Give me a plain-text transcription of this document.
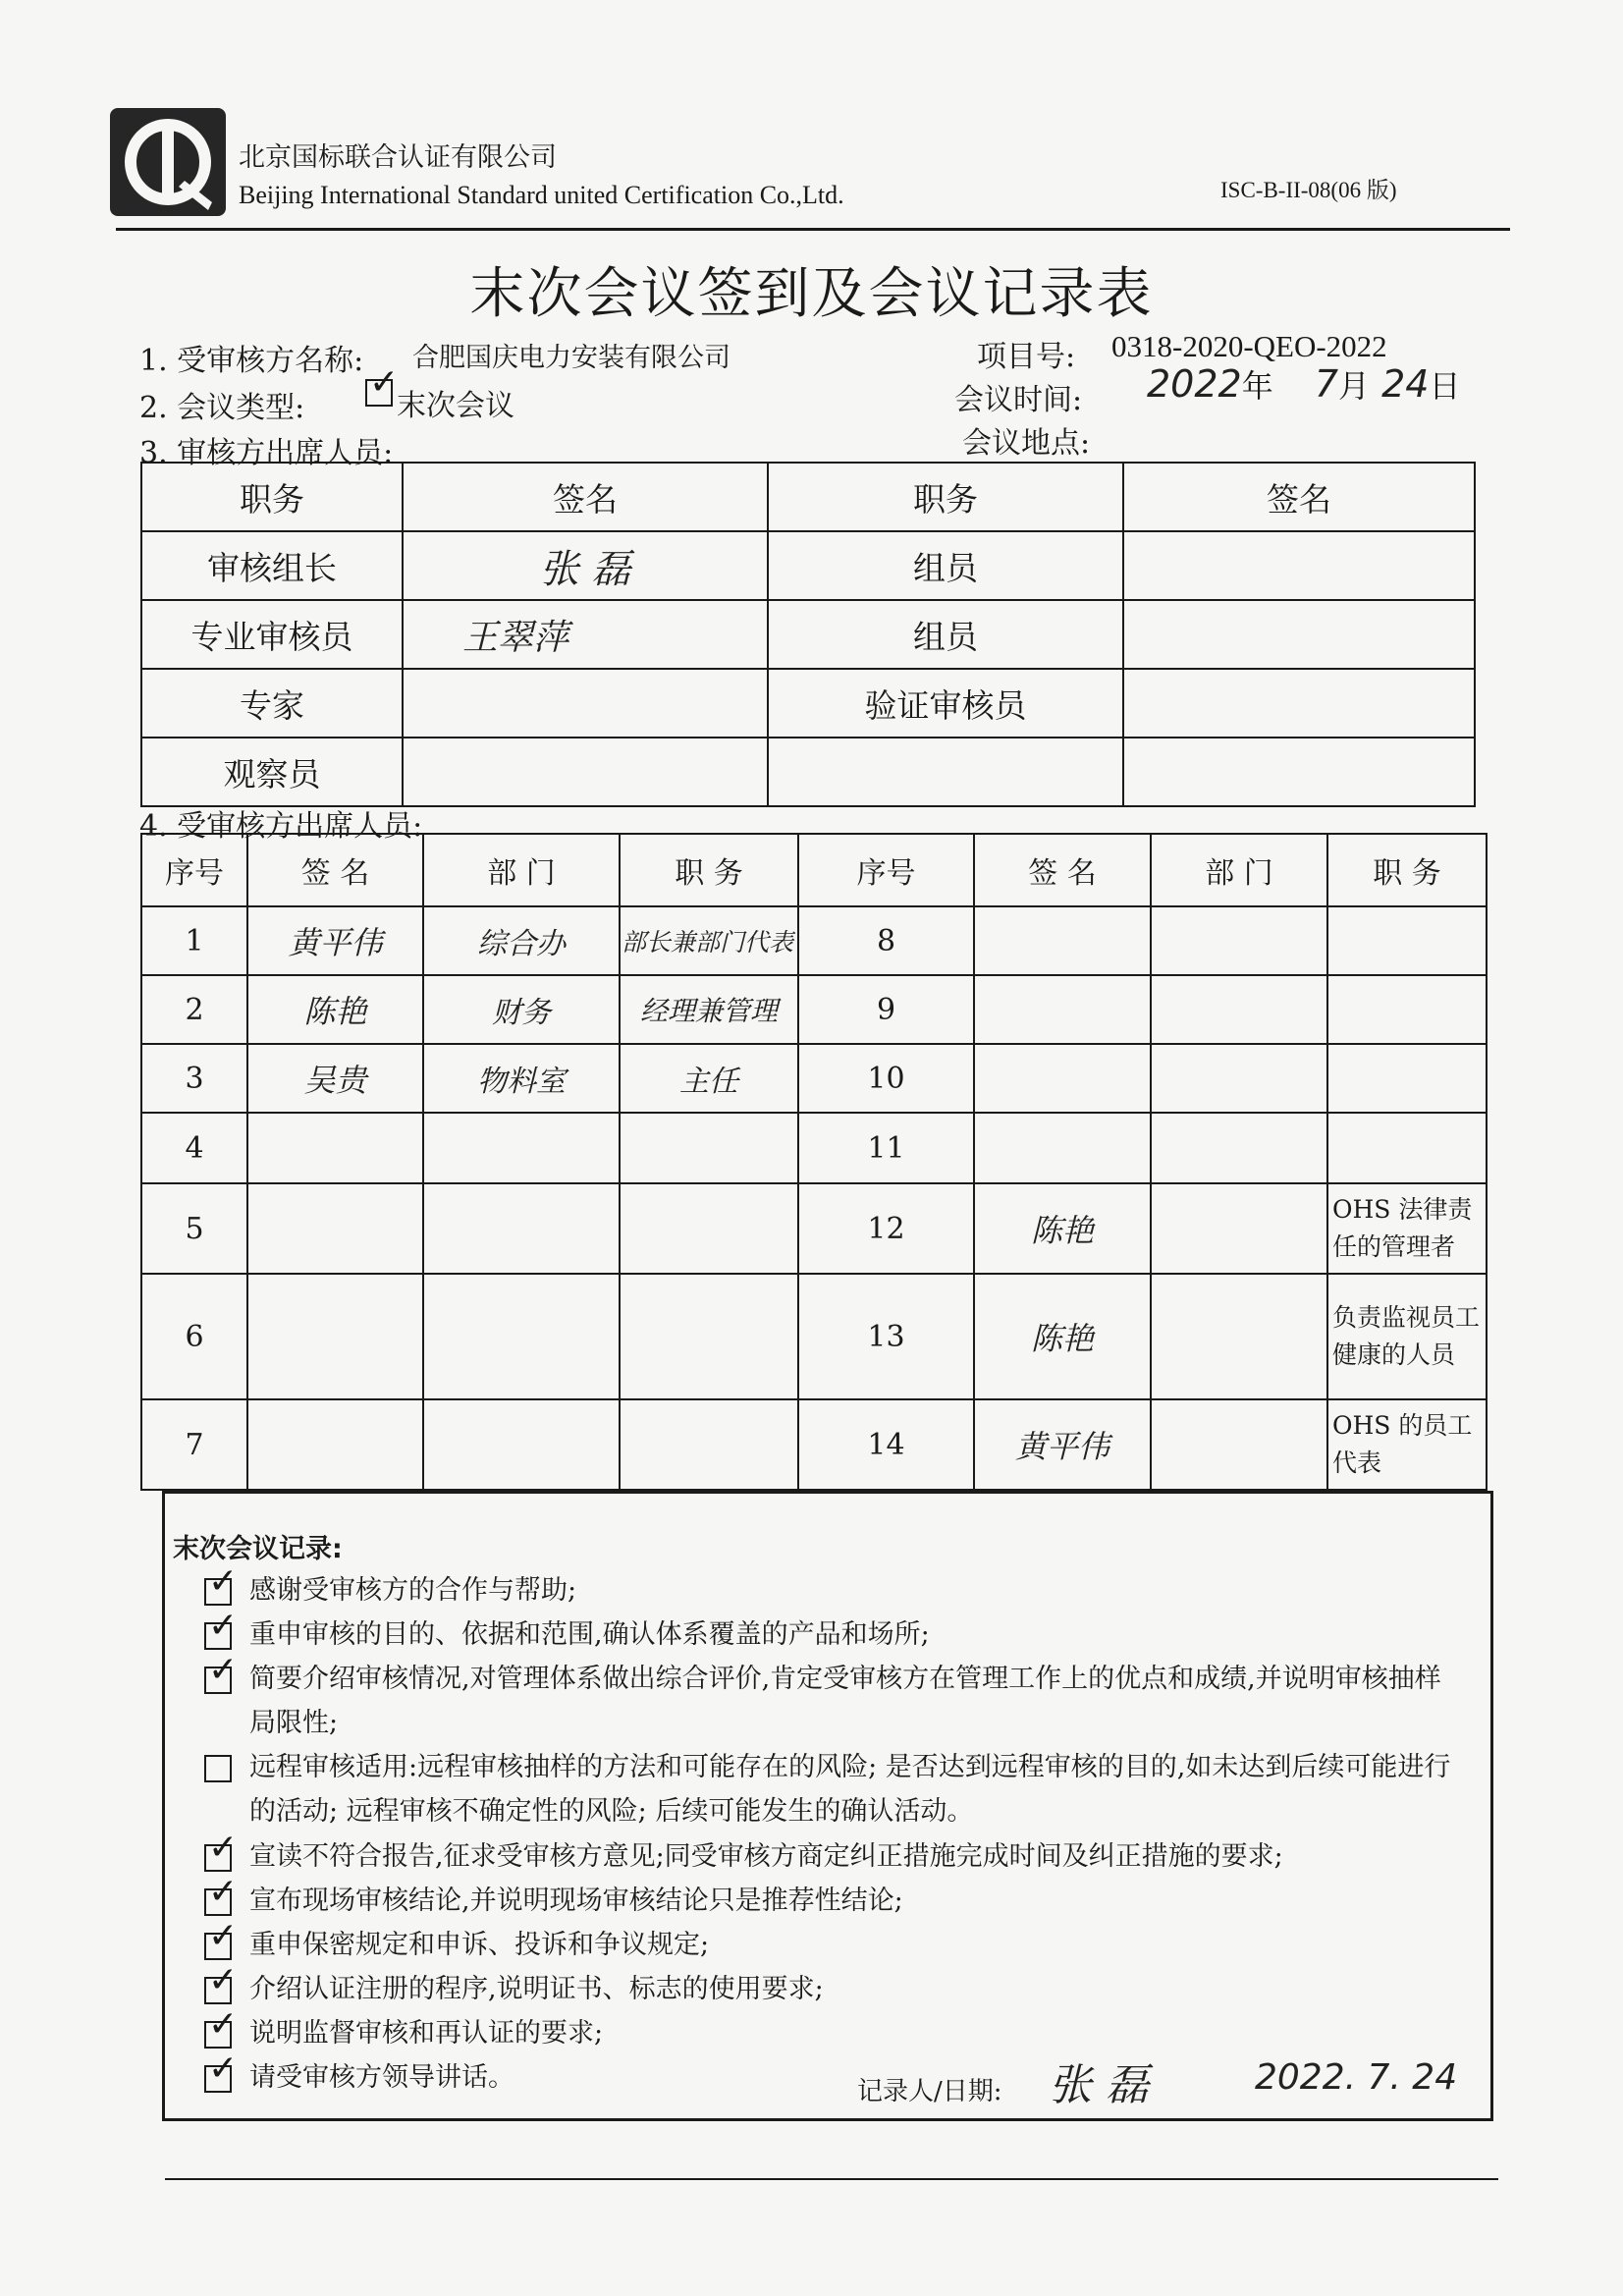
北京国标联合认证有限公司
Beijing International Standard united Certification Co.,Ltd.	ISC-B-II-08(06 版)
末次会议签到及会议记录表
1. 受审核方名称: 合肥国庆电力安装有限公司	项目号: 0318-2020-QEO-2022
2. 会议类型: ✓	末次会议	会议时间: 2022年 7月 24日
3. 审核方出席人员:	会议地点:
职务	签名	职务	签名
审核组长	张 磊	组员	
专业审核员	王翠萍	组员	
专家		验证审核员	
观察员			
4. 受审核方出席人员:
序号	签 名	部 门	职 务	序号	签 名	部 门	职 务
1	黄平伟	综合办	部长兼部门代表	8			
2	陈艳	财务	经理兼管理	9			
3	吴贵	物料室	主任	10			
4				11			
5				12	陈艳		OHS 法律责任的管理者
6				13	陈艳		负责监视员工健康的人员
7				14	黄平伟		OHS 的员工代表
末次会议记录:
✓
感谢受审核方的合作与帮助;
✓
重申审核的目的、依据和范围,确认体系覆盖的产品和场所;
✓
简要介绍审核情况,对管理体系做出综合评价,肯定受审核方在管理工作上的优点和成绩,并说明审核抽样局限性;
远程审核适用:远程审核抽样的方法和可能存在的风险; 是否达到远程审核的目的,如未达到后续可能进行的活动; 远程审核不确定性的风险; 后续可能发生的确认活动。
✓
宣读不符合报告,征求受审核方意见;同受审核方商定纠正措施完成时间及纠正措施的要求;
✓
宣布现场审核结论,并说明现场审核结论只是推荐性结论;
✓
重申保密规定和申诉、投诉和争议规定;
✓
介绍认证注册的程序,说明证书、标志的使用要求;
✓
说明监督审核和再认证的要求;
✓
请受审核方领导讲话。	记录人/日期: 张 磊	2022. 7. 24
